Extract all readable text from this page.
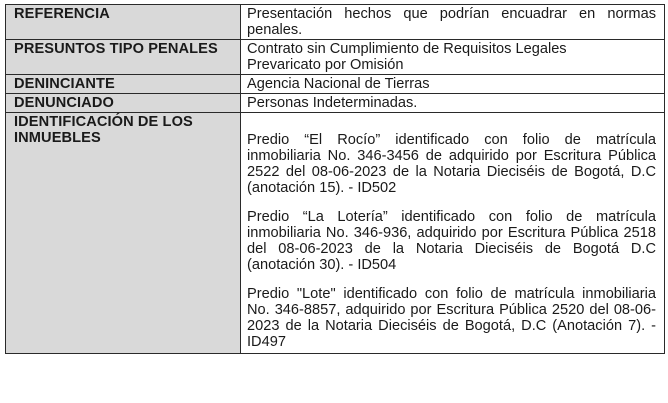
REFERENCIA	Presentación hechos que podrían encuadrar en normas penales.
PRESUNTOS TIPO PENALES	Contrato sin Cumplimiento de Requisitos Legales
Prevaricato por Omisión

DENINCIANTE	Agencia Nacional de Tierras
DENUNCIADO	Personas Indeterminadas.
IDENTIFICACIÓN DE LOS INMUEBLES	Predio “El Rocío” identificado con folio de matrícula inmobiliaria No. 346-3456 de adquirido por Escritura Pública 2522 del 08-06-2023 de la Notaria Dieciséis de Bogotá, D.C (anotación 15). - ID502

Predio “La Lotería” identificado con folio de matrícula inmobiliaria No. 346-936, adquirido por Escritura Pública 2518 del 08-06-2023 de la Notaria Dieciséis de Bogotá D.C (anotación 30). - ID504

Predio "Lote" identificado con folio de matrícula inmobiliaria No. 346-8857, adquirido por Escritura Pública 2520 del 08-06-2023 de la Notaria Dieciséis de Bogotá, D.C (Anotación 7). - ID497
